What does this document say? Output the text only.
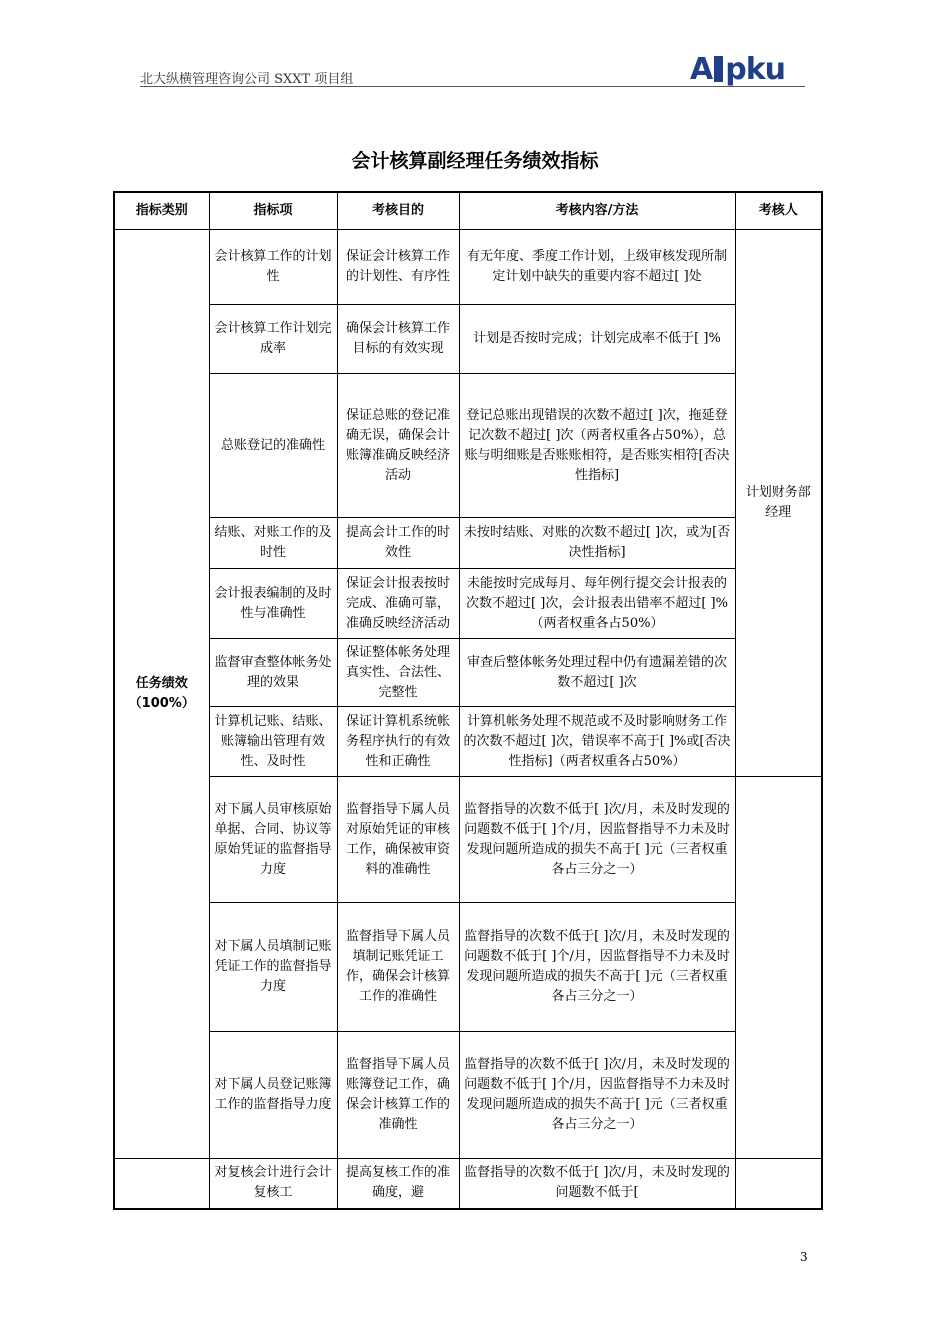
北大纵横管理咨询公司 SXXT 项目组	A pku
会计核算副经理任务绩效指标
指标类别	指标项	考核目的	考核内容/方法	考核人

任务绩效
（100%）	会计核算工作的计划性	保证会计核算工作的计划性、有序性	有无年度、季度工作计划，上级审核发现所制定计划中缺失的重要内容不超过[ ]处	计划财务部经理
	会计核算工作计划完成率	确保会计核算工作目标的有效实现	计划是否按时完成；计划完成率不低于[ ]%	
	总账登记的准确性	保证总账的登记准确无误，确保会计账簿准确反映经济活动	登记总账出现错误的次数不超过[ ]次，拖延登记次数不超过[ ]次（两者权重各占50%），总账与明细账是否账账相符，是否账实相符[否决性指标]	
	结账、对账工作的及时性	提高会计工作的时效性	未按时结账、对账的次数不超过[ ]次，或为[否决性指标]	
	会计报表编制的及时性与准确性	保证会计报表按时完成、准确可靠，准确反映经济活动	未能按时完成每月、每年例行提交会计报表的次数不超过[ ]次，会计报表出错率不超过[ ]%（两者权重各占50%）	
	监督审查整体帐务处理的效果	保证整体帐务处理真实性、合法性、完整性	审查后整体帐务处理过程中仍有遗漏差错的次数不超过[ ]次	
	计算机记账、结账、账簿输出管理有效性、及时性	保证计算机系统帐务程序执行的有效性和正确性	计算机帐务处理不规范或不及时影响财务工作的次数不超过[ ]次，错误率不高于[ ]%或[否决性指标]（两者权重各占50%）	
	对下属人员审核原始单据、合同、协议等原始凭证的监督指导力度	监督指导下属人员对原始凭证的审核工作，确保被审资料的准确性	监督指导的次数不低于[ ]次/月，未及时发现的问题数不低于[ ]个/月，因监督指导不力未及时发现问题所造成的损失不高于[ ]元（三者权重各占三分之一）	
	对下属人员填制记账凭证工作的监督指导力度	监督指导下属人员填制记账凭证工作，确保会计核算工作的准确性	监督指导的次数不低于[ ]次/月，未及时发现的问题数不低于[ ]个/月，因监督指导不力未及时发现问题所造成的损失不高于[ ]元（三者权重各占三分之一）	
	对下属人员登记账簿工作的监督指导力度	监督指导下属人员账簿登记工作，确保会计核算工作的准确性	监督指导的次数不低于[ ]次/月，未及时发现的问题数不低于[ ]个/月，因监督指导不力未及时发现问题所造成的损失不高于[ ]元（三者权重各占三分之一）	
	对复核会计进行会计复核工	提高复核工作的准确度，避	监督指导的次数不低于[ ]次/月，未及时发现的问题数不低于[	
3
